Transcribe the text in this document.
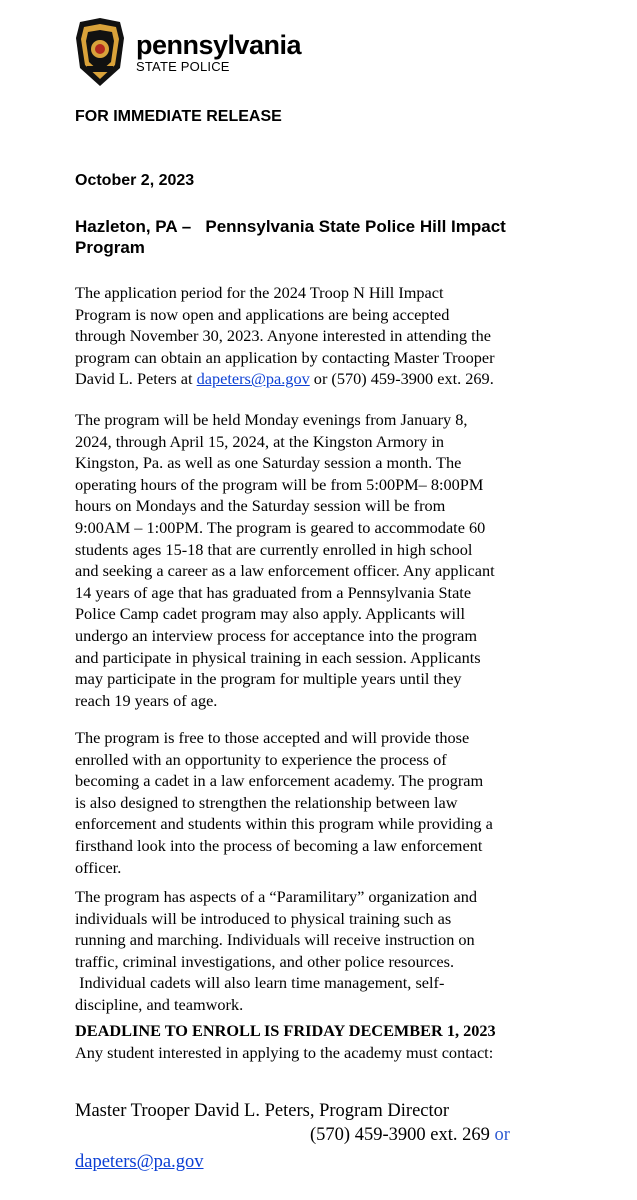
pennsylvania
STATE POLICE
FOR IMMEDIATE RELEASE
October 2, 2023
Hazleton, PA – Pennsylvania State Police Hill Impact Program
The application period for the 2024 Troop N Hill Impact
Program is now open and applications are being accepted
through November 30, 2023. Anyone interested in attending the
program can obtain an application by contacting Master Trooper
David L. Peters at dapeters@pa.gov or (570) 459-3900 ext. 269.
The program will be held Monday evenings from January 8,
2024, through April 15, 2024, at the Kingston Armory in
Kingston, Pa. as well as one Saturday session a month. The
operating hours of the program will be from 5:00PM– 8:00PM
hours on Mondays and the Saturday session will be from
9:00AM – 1:00PM. The program is geared to accommodate 60
students ages 15-18 that are currently enrolled in high school
and seeking a career as a law enforcement officer. Any applicant
14 years of age that has graduated from a Pennsylvania State
Police Camp cadet program may also apply. Applicants will
undergo an interview process for acceptance into the program
and participate in physical training in each session. Applicants
may participate in the program for multiple years until they
reach 19 years of age.
The program is free to those accepted and will provide those
enrolled with an opportunity to experience the process of
becoming a cadet in a law enforcement academy. The program
is also designed to strengthen the relationship between law
enforcement and students within this program while providing a
firsthand look into the process of becoming a law enforcement
officer.
The program has aspects of a “Paramilitary” organization and
individuals will be introduced to physical training such as
running and marching. Individuals will receive instruction on
traffic, criminal investigations, and other police resources.
Individual cadets will also learn time management, self-
discipline, and teamwork.
DEADLINE TO ENROLL IS FRIDAY DECEMBER 1, 2023
Any student interested in applying to the academy must contact:
Master Trooper David L. Peters, Program Director
(570) 459-3900 ext. 269 or
dapeters@pa.gov
